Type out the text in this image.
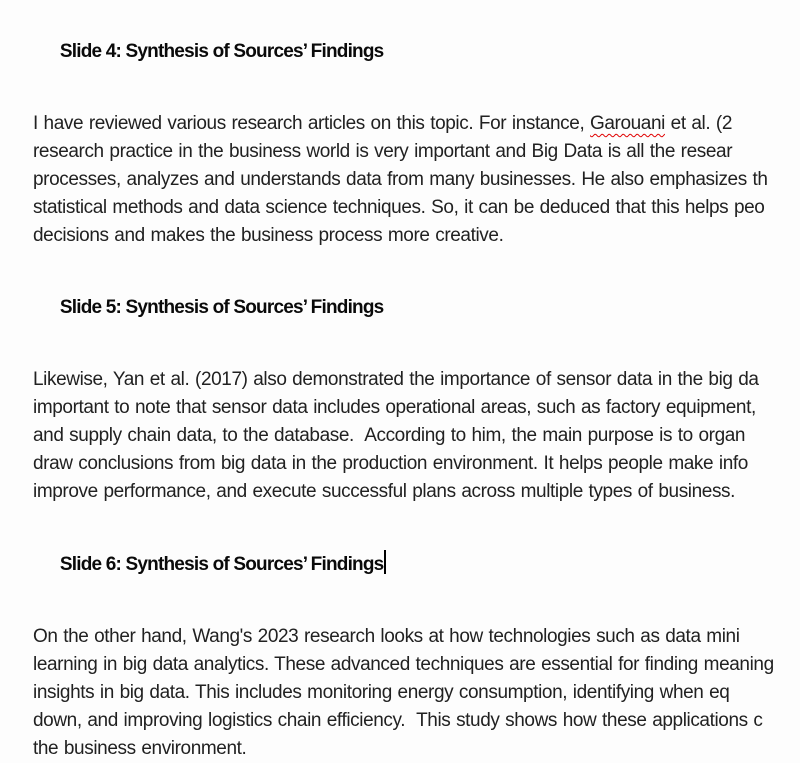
Slide 4: Synthesis of Sources’ Findings

I have reviewed various research articles on this topic. For instance, Garouani et al. (2
research practice in the business world is very important and Big Data is all the resear
processes, analyzes and understands data from many businesses. He also emphasizes th
statistical methods and data science techniques. So, it can be deduced that this helps peo
decisions and makes the business process more creative.

Slide 5: Synthesis of Sources’ Findings

Likewise, Yan et al. (2017) also demonstrated the importance of sensor data in the big da
important to note that sensor data includes operational areas, such as factory equipment,
and supply chain data, to the database.  According to him, the main purpose is to organ
draw conclusions from big data in the production environment. It helps people make info
improve performance, and execute successful plans across multiple types of business.

Slide 6: Synthesis of Sources’ Findings

On the other hand, Wang's 2023 research looks at how technologies such as data mini
learning in big data analytics. These advanced techniques are essential for finding meaning
insights in big data. This includes monitoring energy consumption, identifying when eq
down, and improving logistics chain efficiency.  This study shows how these applications c
the business environment.
